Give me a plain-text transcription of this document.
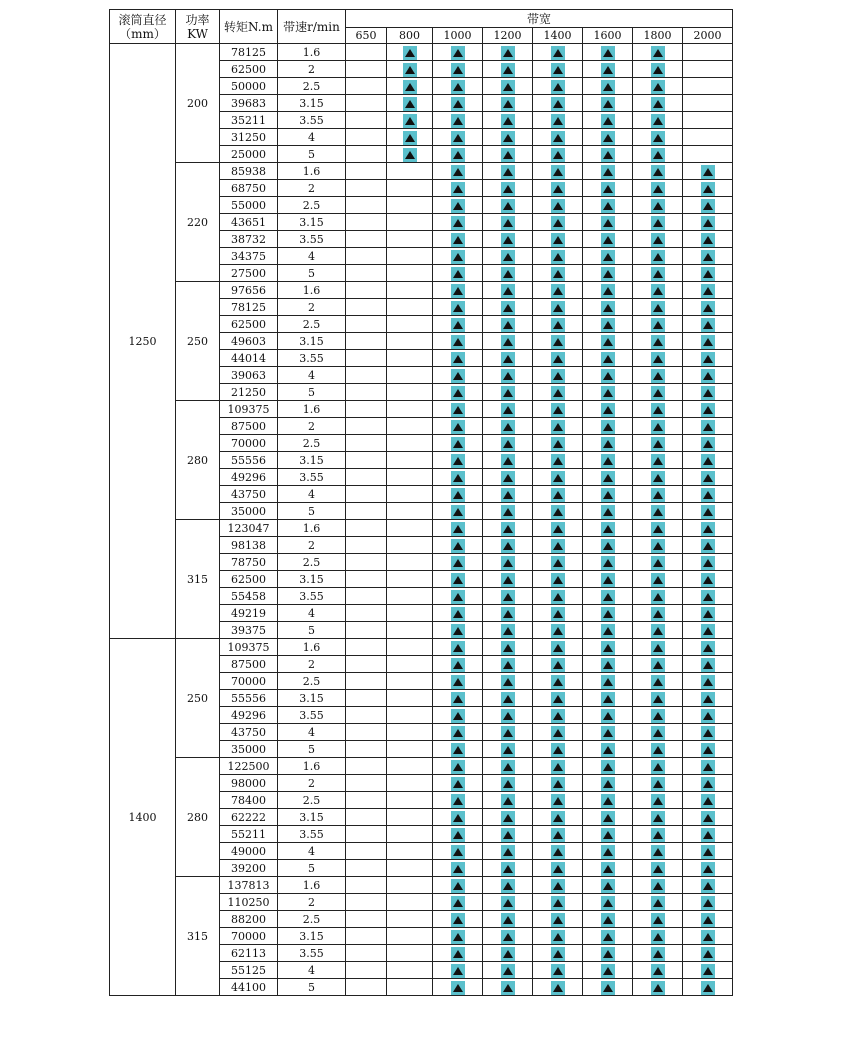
滚筒直径（mm）	功率KW	转矩N.m	带速r/min	带宽							
				650	800	1000	1200	1400	1600	1800	2000
1250	200	78125	1.6								
		62500	2								
		50000	2.5								
		39683	3.15								
		35211	3.55								
		31250	4								
		25000	5								
	220	85938	1.6								
		68750	2								
		55000	2.5								
		43651	3.15								
		38732	3.55								
		34375	4								
		27500	5								
	250	97656	1.6								
		78125	2								
		62500	2.5								
		49603	3.15								
		44014	3.55								
		39063	4								
		21250	5								
	280	109375	1.6								
		87500	2								
		70000	2.5								
		55556	3.15								
		49296	3.55								
		43750	4								
		35000	5								
	315	123047	1.6								
		98138	2								
		78750	2.5								
		62500	3.15								
		55458	3.55								
		49219	4								
		39375	5								
1400	250	109375	1.6								
		87500	2								
		70000	2.5								
		55556	3.15								
		49296	3.55								
		43750	4								
		35000	5								
	280	122500	1.6								
		98000	2								
		78400	2.5								
		62222	3.15								
		55211	3.55								
		49000	4								
		39200	5								
	315	137813	1.6								
		110250	2								
		88200	2.5								
		70000	3.15								
		62113	3.55								
		55125	4								
		44100	5								
